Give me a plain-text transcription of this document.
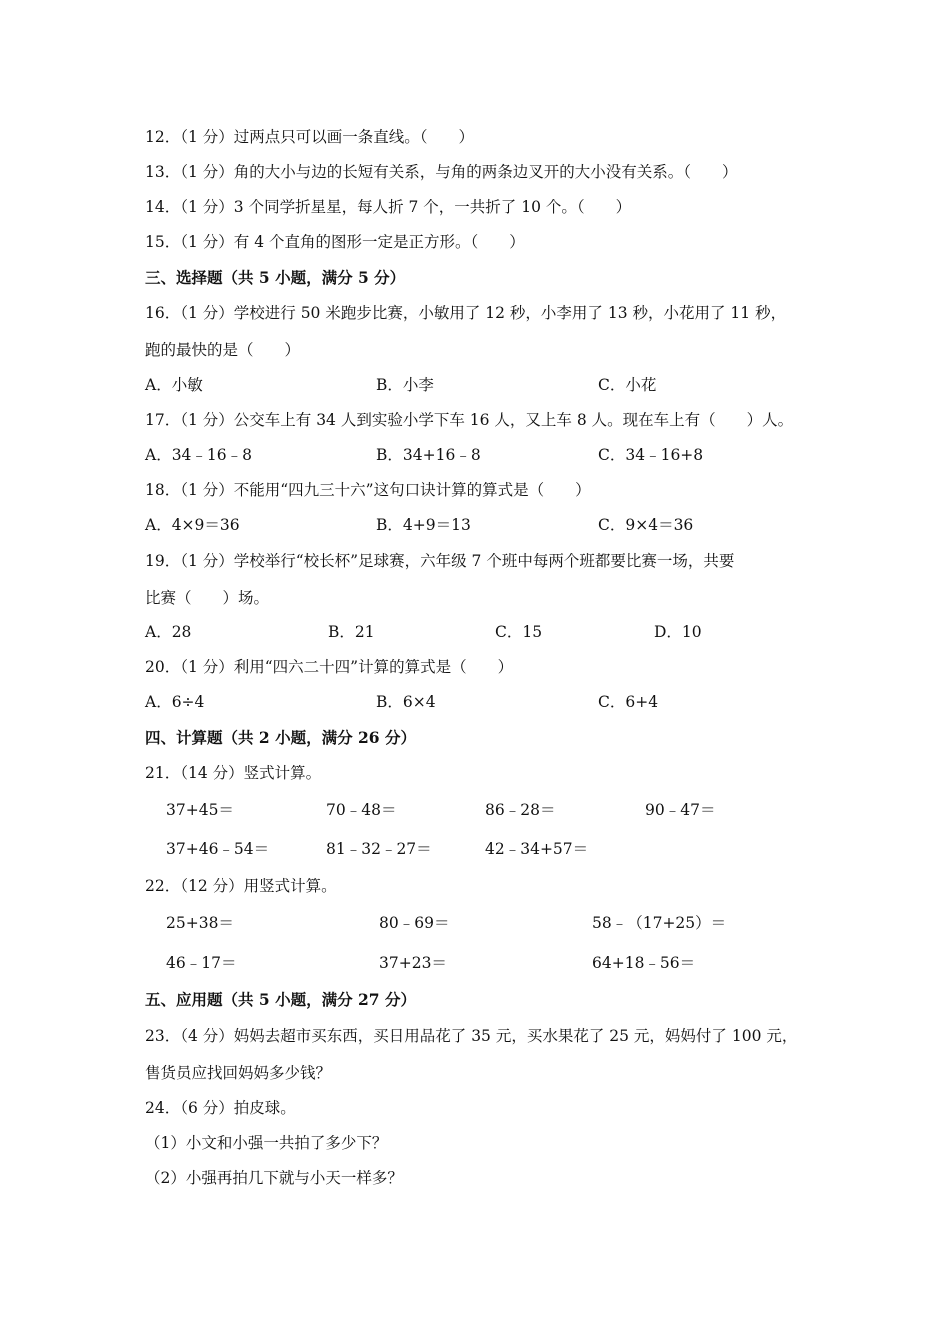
12．（1 分）过两点只可以画一条直线。（　　）
13．（1 分）角的大小与边的长短有关系，与角的两条边叉开的大小没有关系。（　　）
14．（1 分）3 个同学折星星，每人折 7 个，一共折了 10 个。（　　）
15．（1 分）有 4 个直角的图形一定是正方形。（　　）
三、选择题（共 5 小题，满分 5 分）
16．（1 分）学校进行 50 米跑步比赛，小敏用了 12 秒，小李用了 13 秒，小花用了 11 秒，
跑的最快的是（　　）
A．小敏	B．小李	C．小花
17．（1 分）公交车上有 34 人到实验小学下车 16 人，又上车 8 人。现在车上有（　　）人。
A．34﹣16﹣8	B．34+16﹣8	C．34﹣16+8
18．（1 分）不能用“四九三十六”这句口诀计算的算式是（　　）
A．4×9＝36	B．4+9＝13	C．9×4＝36
19．（1 分）学校举行“校长杯”足球赛，六年级 7 个班中每两个班都要比赛一场，共要
比赛（　　）场。
A．28	B．21	C．15	D．10
20．（1 分）利用“四六二十四”计算的算式是（　　）
A．6÷4	B．6×4	C．6+4
四、计算题（共 2 小题，满分 26 分）
21．（14 分）竖式计算。
37+45＝	70﹣48＝	86﹣28＝	90﹣47＝
37+46﹣54＝	81﹣32﹣27＝	42﹣34+57＝
22．（12 分）用竖式计算。
25+38＝	80﹣69＝	58﹣（17+25）＝
46﹣17＝	37+23＝	64+18﹣56＝
五、应用题（共 5 小题，满分 27 分）
23．（4 分）妈妈去超市买东西，买日用品花了 35 元，买水果花了 25 元，妈妈付了 100 元，
售货员应找回妈妈多少钱？
24．（6 分）拍皮球。
（1）小文和小强一共拍了多少下？
（2）小强再拍几下就与小天一样多？
